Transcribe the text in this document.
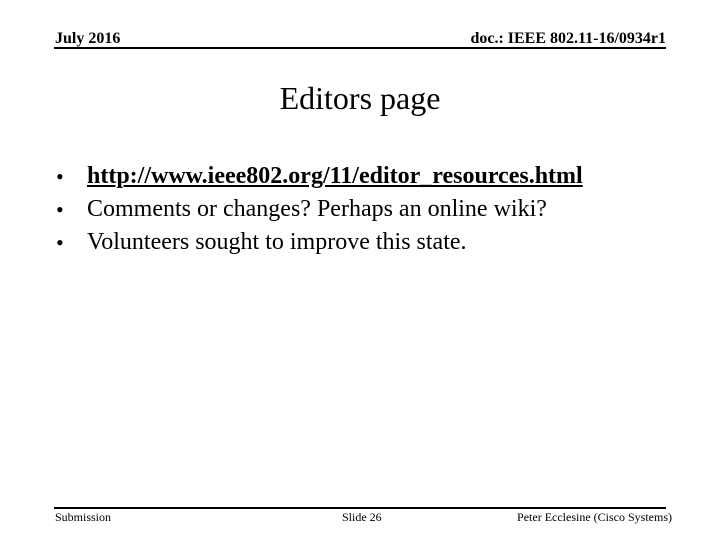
July 2016	doc.: IEEE 802.11-16/0934r1
Editors page
• http://www.ieee802.org/11/editor_resources.html
• Comments or changes? Perhaps an online wiki?
• Volunteers sought to improve this state.
Submission	Slide 26	Peter Ecclesine (Cisco Systems)
